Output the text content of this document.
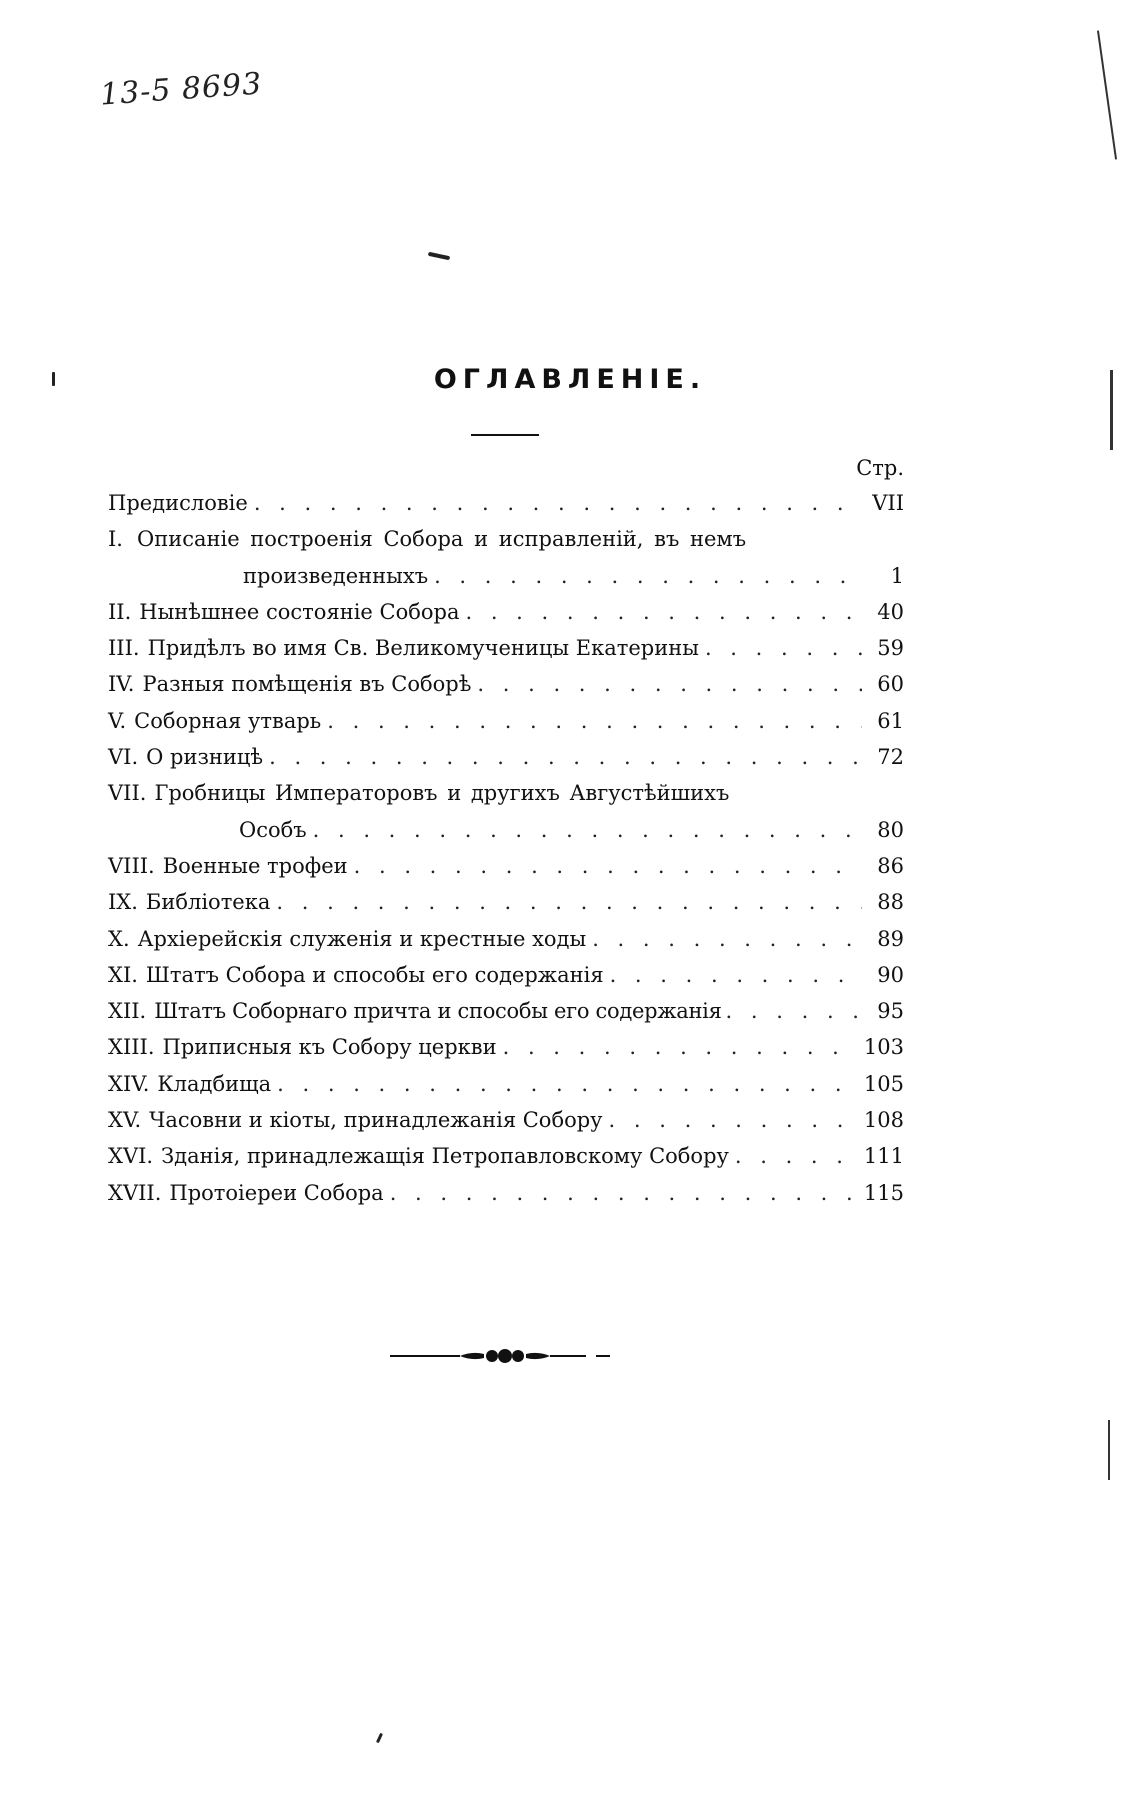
13-5 8693
ОГЛАВЛЕНІЕ.
Стр.
Предисловіе . . .	VII
I. Описаніе построенія Собора и исправленій, въ немъ
произведенныхъ . . .	1
II. Нынѣшнее состояніе Собора . . .	40
III. Придѣлъ во имя Св. Великомученицы Екатерины . . .	59
IV. Разныя помѣщенія въ Соборѣ . . .	60
V. Соборная утварь . . .	61
VI. О ризницѣ . . .	72
VII. Гробницы Императоровъ и другихъ Августѣйшихъ
Особъ . . .	80
VIII. Военные трофеи . . .	86
IX. Библіотека . . .	88
X. Архіерейскія служенія и крестные ходы . . .	89
XI. Штатъ Собора и способы его содержанія . . .	90
XII. Штатъ Соборнаго причта и способы его содержанія . . .	95
XIII. Приписныя къ Собору церкви . . .	103
XIV. Кладбища . . .	105
XV. Часовни и кіоты, принадлежанія Собору . . .	108
XVI. Зданія, принадлежащія Петропавловскому Собору . . .	111
XVII. Протоіереи Собора . . .	115
